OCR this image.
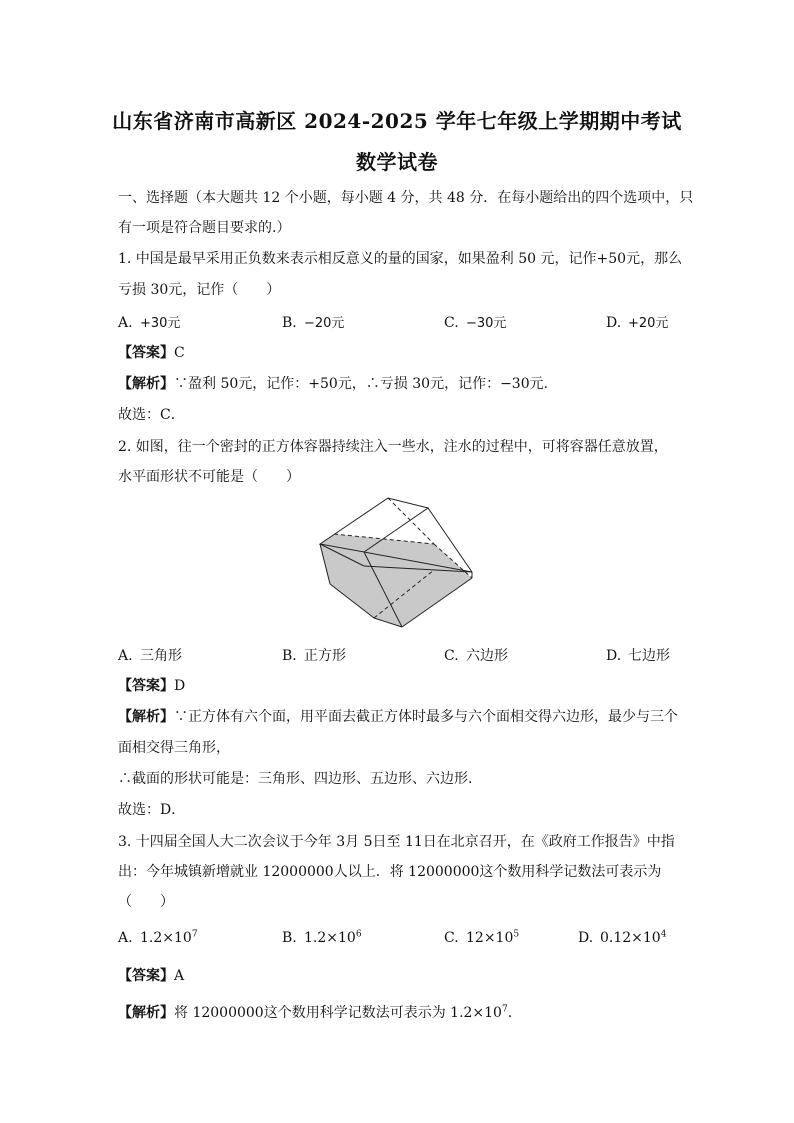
山东省济南市高新区 2024-2025 学年七年级上学期期中考试
数学试卷
一、选择题（本大题共 12 个小题，每小题 4 分，共 48 分．在每小题给出的四个选项中，只
有一项是符合题目要求的.）
1. 中国是最早采用正负数来表示相反意义的量的国家，如果盈利 50 元，记作+50元，那么
亏损 30元，记作（　　）
A. +30元	B. −20元	C. −30元	D. +20元
【答案】C
【解析】∵盈利 50元，记作：+50元，∴亏损 30元，记作：−30元.
故选：C．
2. 如图，往一个密封的正方体容器持续注入一些水，注水的过程中，可将容器任意放置，
水平面形状不可能是（　　）
A. 三角形	B. 正方形	C. 六边形	D. 七边形
【答案】D
【解析】∵正方体有六个面，用平面去截正方体时最多与六个面相交得六边形，最少与三个
面相交得三角形，
∴截面的形状可能是：三角形、四边形、五边形、六边形.
故选：D．
3. 十四届全国人大二次会议于今年 3月 5日至 11日在北京召开，在《政府工作报告》中指
出：今年城镇新增就业 12000000人以上．将 12000000这个数用科学记数法可表示为
（　　）
A. $1.2\times 10^7$	B. $1.2\times 10^6$	C. $12\times 10^5$	D. $0.12\times 10^4$
【答案】A
【解析】将 12000000这个数用科学记数法可表示为 $1.2\times 10^7$.
